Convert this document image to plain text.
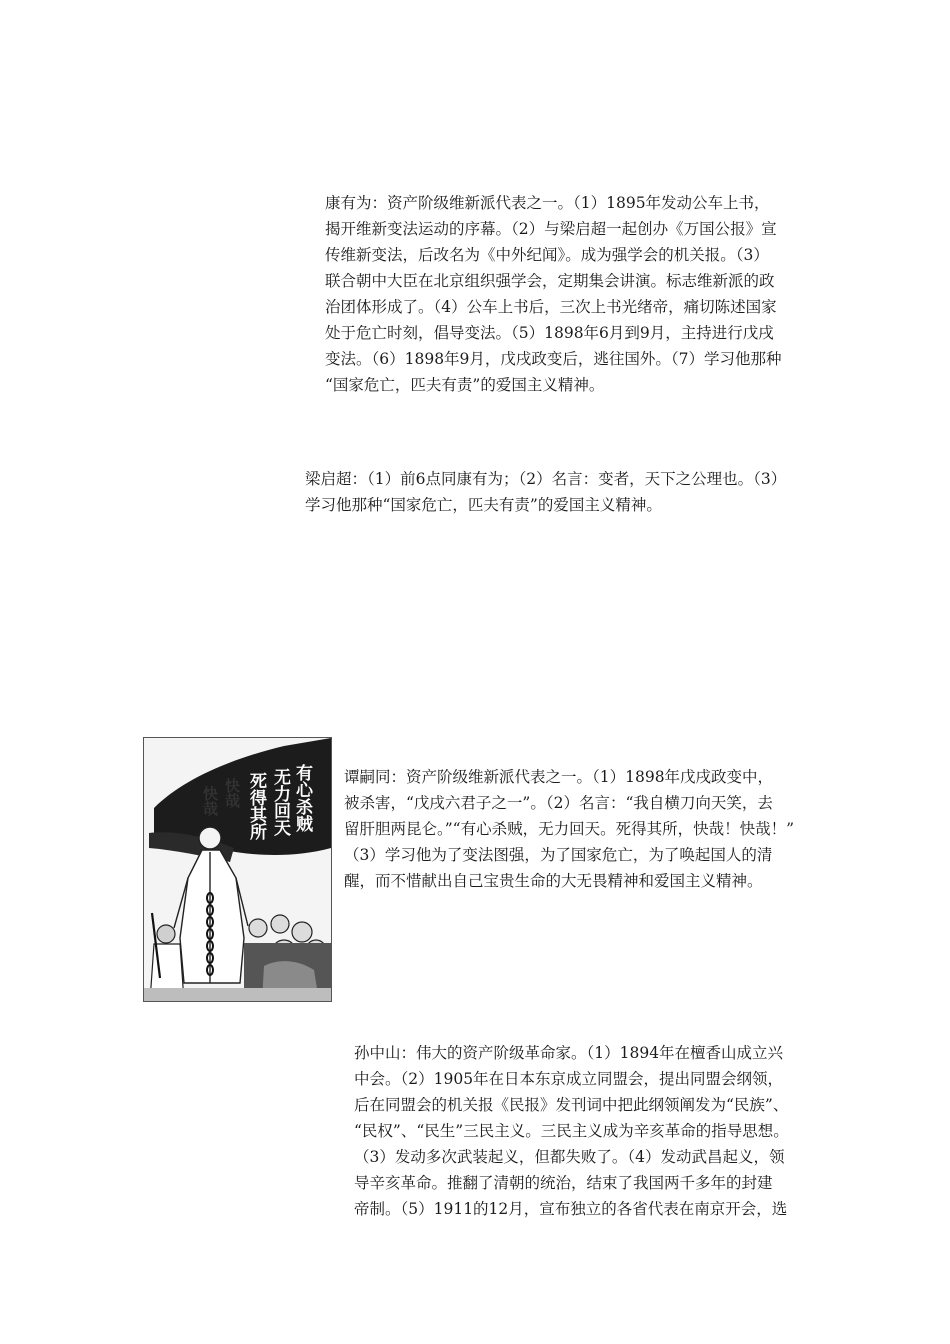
康有为：资产阶级维新派代表之一。（1）1895年发动公车上书，
揭开维新变法运动的序幕。（2）与梁启超一起创办《万国公报》宣
传维新变法，后改名为《中外纪闻》。成为强学会的机关报。（3）
联合朝中大臣在北京组织强学会，定期集会讲演。标志维新派的政
治团体形成了。（4）公车上书后，三次上书光绪帝，痛切陈述国家
处于危亡时刻，倡导变法。（5）1898年6月到9月，主持进行戊戌
变法。（6）1898年9月，戊戌政变后，逃往国外。（7）学习他那种
“国家危亡，匹夫有责”的爱国主义精神。

梁启超：（1）前6点同康有为；（2）名言：变者，天下之公理也。（3）
学习他那种“国家危亡，匹夫有责”的爱国主义精神。

有心杀贼
无力回天
死得其所
快哉
快哉

谭嗣同：资产阶级维新派代表之一。（1）1898年戊戌政变中，
被杀害，“戊戌六君子之一”。（2）名言：“我自横刀向天笑，去
留肝胆两昆仑。”“有心杀贼，无力回天。死得其所，快哉！快哉！”
（3）学习他为了变法图强，为了国家危亡，为了唤起国人的清
醒，而不惜献出自己宝贵生命的大无畏精神和爱国主义精神。

孙中山：伟大的资产阶级革命家。（1）1894年在檀香山成立兴
中会。（2）1905年在日本东京成立同盟会，提出同盟会纲领，
后在同盟会的机关报《民报》发刊词中把此纲领阐发为“民族”、
“民权”、“民生”三民主义。三民主义成为辛亥革命的指导思想。
（3）发动多次武装起义，但都失败了。（4）发动武昌起义，领
导辛亥革命。推翻了清朝的统治，结束了我国两千多年的封建
帝制。（5）1911的12月，宣布独立的各省代表在南京开会，选
